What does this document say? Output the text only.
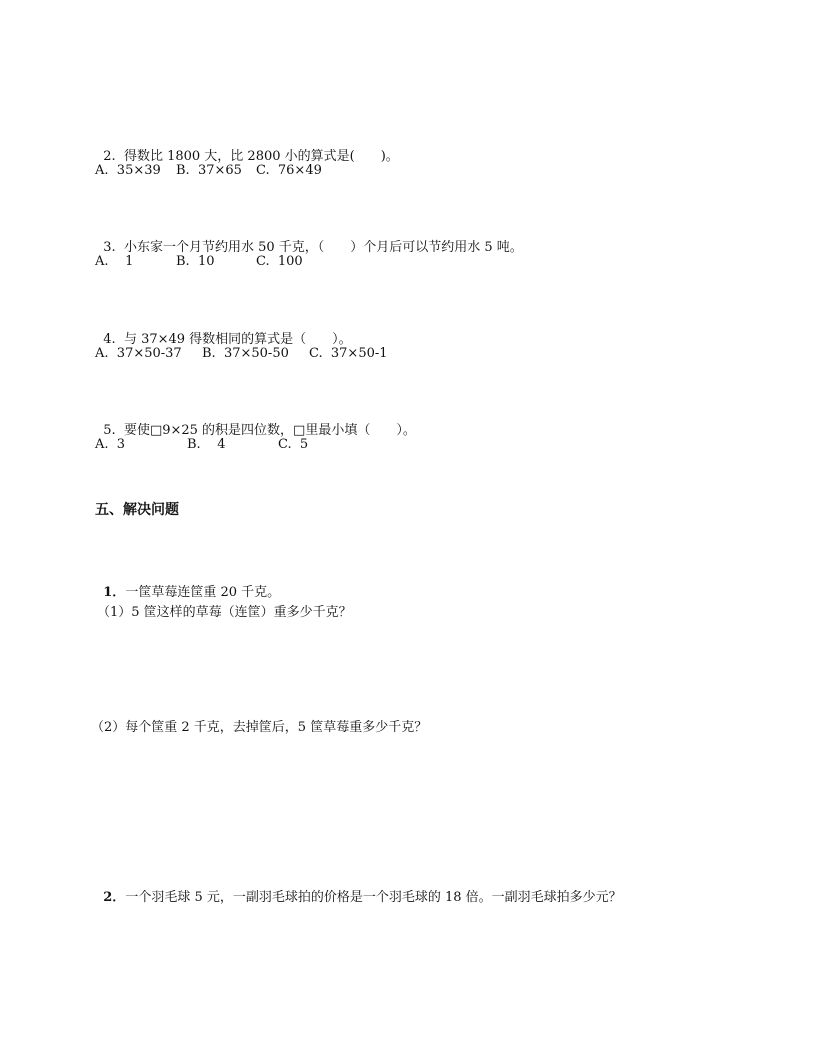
2. 得数比 1800 大，比 2800 小的算式是(　　)。

A. 35×39 B. 37×65 C. 76×49

3. 小东家一个月节约用水 50 千克，（　　）个月后可以节约用水 5 吨。

A. 1	B. 10	C. 100

4. 与 37×49 得数相同的算式是（　　）。

A. 37×50-37 B. 37×50-50 C. 37×50-1

5. 要使□9×25 的积是四位数，□里最小填（　　）。

A. 3	B. 4	C. 5
五、解决问题

1．一筐草莓连筐重 20 千克。

（1）5 筐这样的草莓（连筐）重多少千克？
（2）每个筐重 2 千克，去掉筐后，5 筐草莓重多少千克？

2．一个羽毛球 5 元，一副羽毛球拍的价格是一个羽毛球的 18 倍。一副羽毛球拍多少元？
